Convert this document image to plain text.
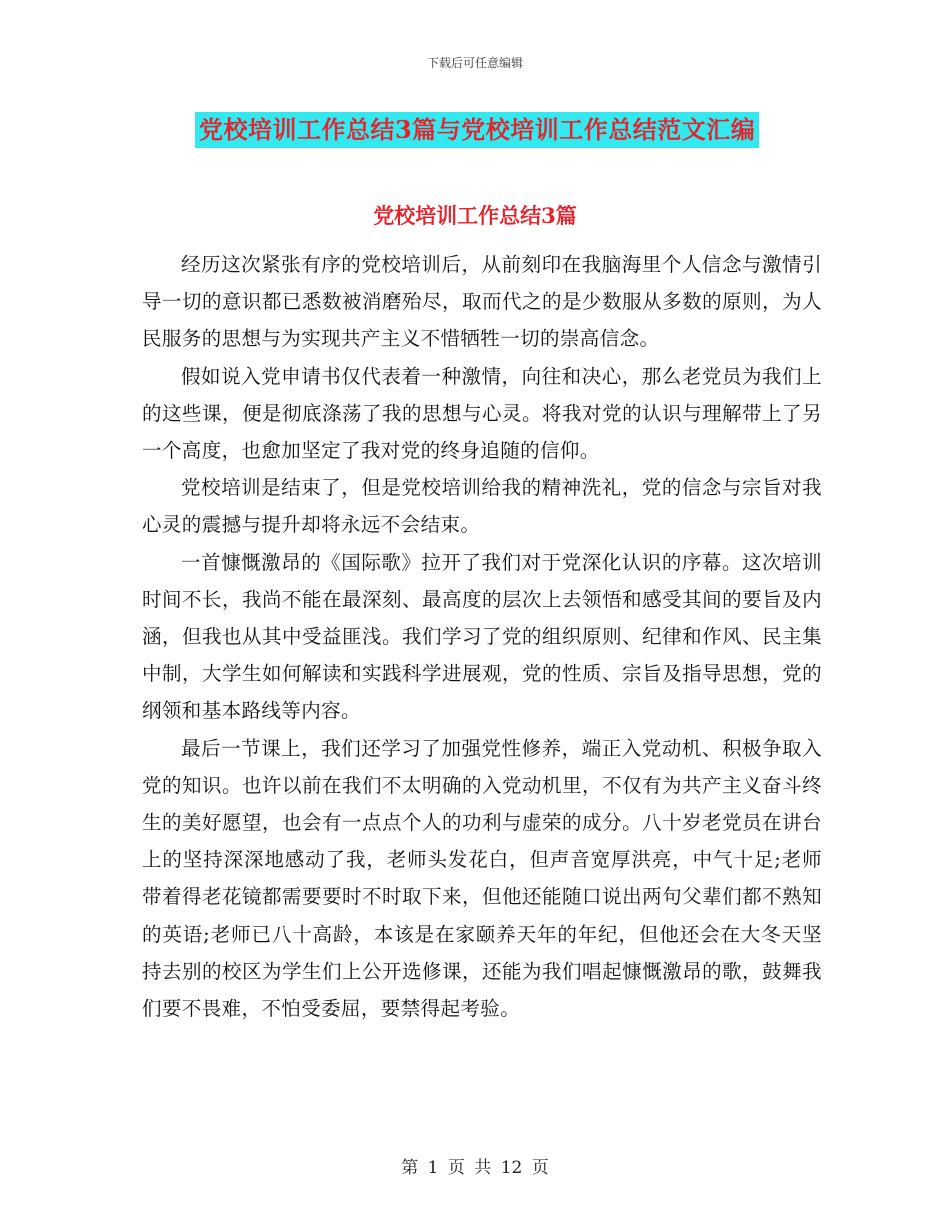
下载后可任意编辑
党校培训工作总结3篇与党校培训工作总结范文汇编
党校培训工作总结3篇

经历这次紧张有序的党校培训后，从前刻印在我脑海里个人信念与激情引导一切的意识都已悉数被消磨殆尽，取而代之的是少数服从多数的原则，为人民服务的思想与为实现共产主义不惜牺牲一切的崇高信念。

假如说入党申请书仅代表着一种激情，向往和决心，那么老党员为我们上的这些课，便是彻底涤荡了我的思想与心灵。将我对党的认识与理解带上了另一个高度，也愈加坚定了我对党的终身追随的信仰。

党校培训是结束了，但是党校培训给我的精神洗礼，党的信念与宗旨对我心灵的震撼与提升却将永远不会结束。

一首慷慨激昂的《国际歌》拉开了我们对于党深化认识的序幕。这次培训时间不长，我尚不能在最深刻、最高度的层次上去领悟和感受其间的要旨及内涵，但我也从其中受益匪浅。我们学习了党的组织原则、纪律和作风、民主集中制，大学生如何解读和实践科学进展观，党的性质、宗旨及指导思想，党的纲领和基本路线等内容。

最后一节课上，我们还学习了加强党性修养，端正入党动机、积极争取入党的知识。也许以前在我们不太明确的入党动机里，不仅有为共产主义奋斗终生的美好愿望，也会有一点点个人的功利与虚荣的成分。八十岁老党员在讲台上的坚持深深地感动了我，老师头发花白，但声音宽厚洪亮，中气十足;老师带着得老花镜都需要要时不时取下来，但他还能随口说出两句父辈们都不熟知的英语;老师已八十高龄，本该是在家颐养天年的年纪，但他还会在大冬天坚持去别的校区为学生们上公开选修课，还能为我们唱起慷慨激昂的歌，鼓舞我们要不畏难，不怕受委屈，要禁得起考验。

第 1 页 共 12 页
